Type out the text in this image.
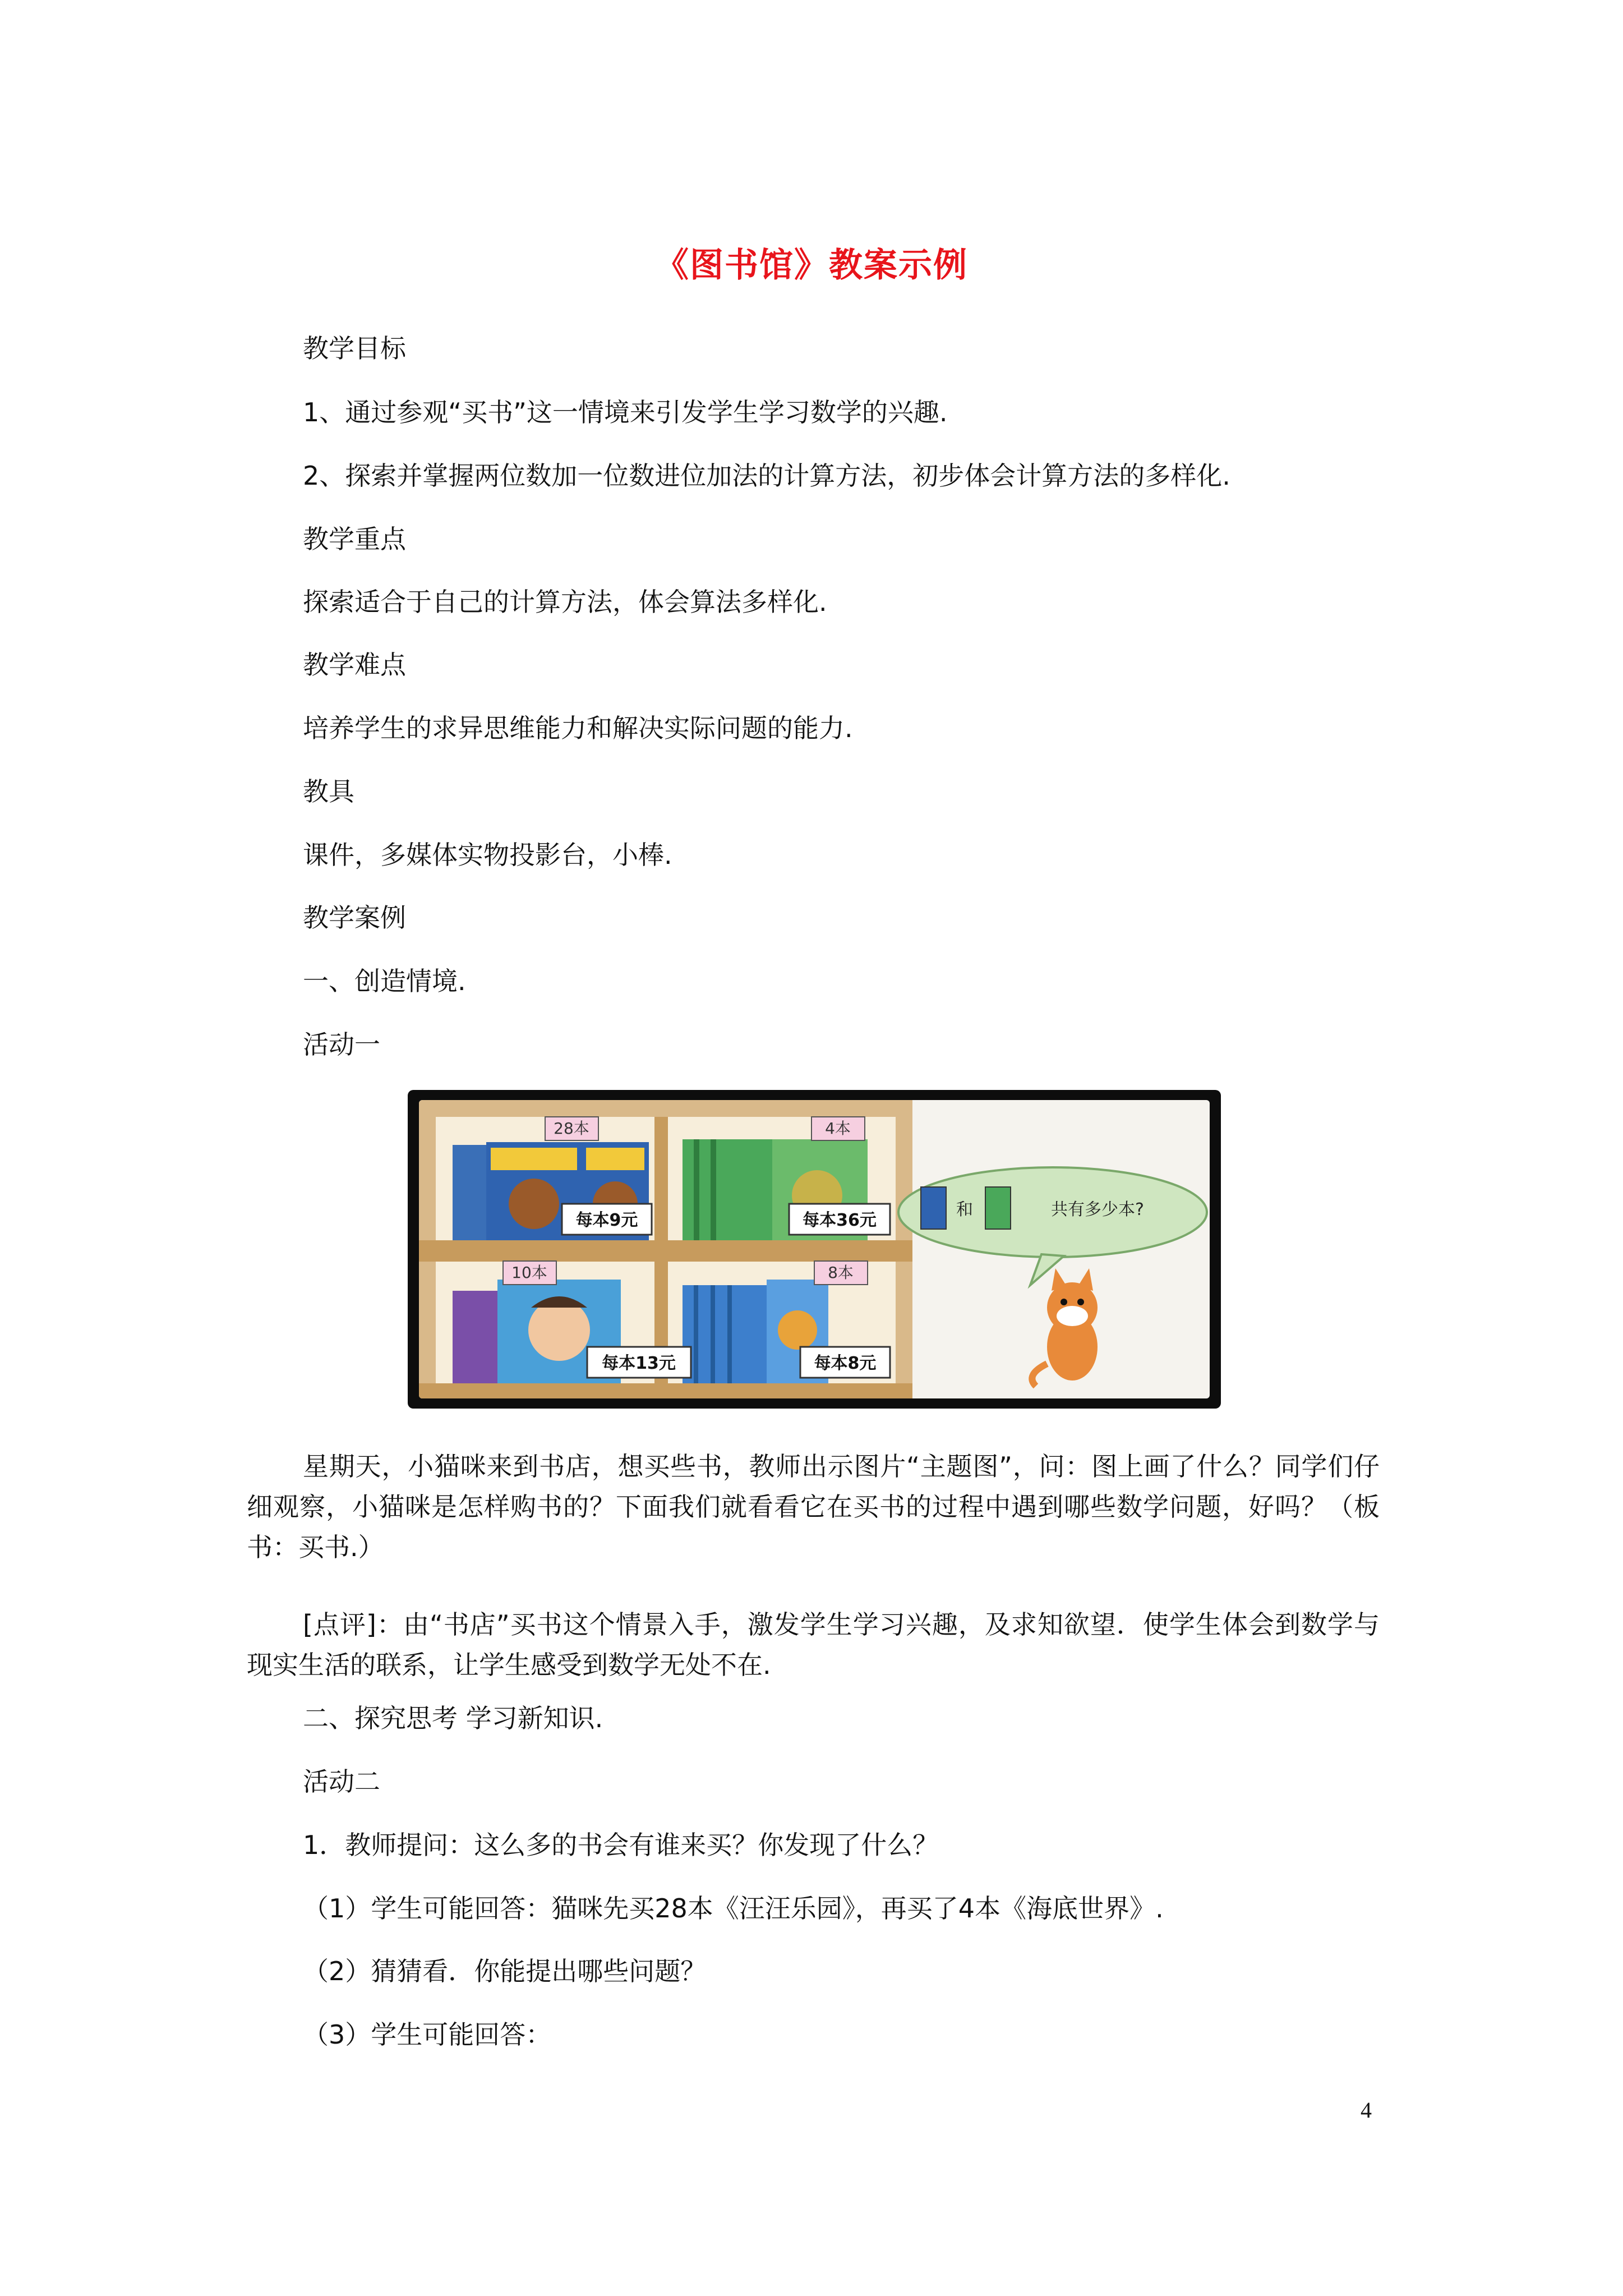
《图书馆》教案示例
教学目标
1、通过参观“买书”这一情境来引发学生学习数学的兴趣.
2、探索并掌握两位数加一位数进位加法的计算方法，初步体会计算方法的多样化.
教学重点
探索适合于自己的计算方法，体会算法多样化.
教学难点
培养学生的求异思维能力和解决实际问题的能力.
教具
课件，多媒体实物投影台，小棒.
教学案例
一、创造情境.
活动一
28本	4本
10本	8本
每本9元	每本36元
每本13元	每本8元
和	共有多少本?
星期天，小猫咪来到书店，想买些书，教师出示图片“主题图”，问：图上画了什么？同学们仔细观察，小猫咪是怎样购书的？下面我们就看看它在买书的过程中遇到哪些数学问题，好吗？（板书：买书.）
[点评]：由“书店”买书这个情景入手，激发学生学习兴趣，及求知欲望．使学生体会到数学与现实生活的联系，让学生感受到数学无处不在.
二、探究思考 学习新知识.
活动二
1．教师提问：这么多的书会有谁来买？你发现了什么？
（1）学生可能回答：猫咪先买28本《汪汪乐园》，再买了4本《海底世界》.
（2）猜猜看．你能提出哪些问题？
（3）学生可能回答：
4
